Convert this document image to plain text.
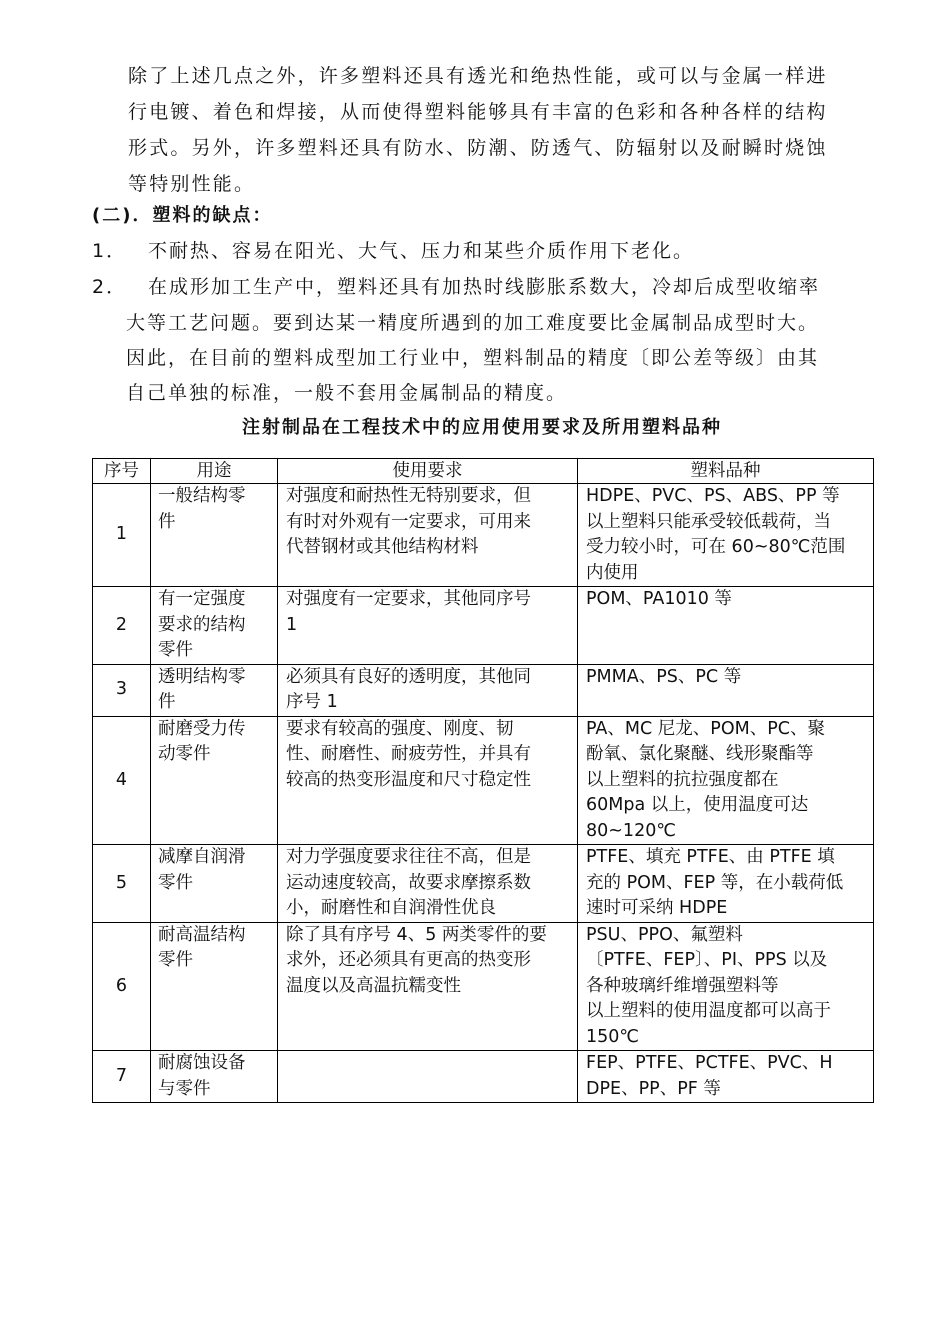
除了上述几点之外，许多塑料还具有透光和绝热性能，或可以与金属一样进
行电镀、着色和焊接，从而使得塑料能够具有丰富的色彩和各种各样的结构
形式。另外，许多塑料还具有防水、防潮、防透气、防辐射以及耐瞬时烧蚀
等特别性能。

(二)．塑料的缺点：

1． 不耐热、容易在阳光、大气、压力和某些介质作用下老化。

2． 在成形加工生产中，塑料还具有加热时线膨胀系数大，冷却后成型收缩率

大等工艺问题。要到达某一精度所遇到的加工难度要比金属制品成型时大。
因此，在目前的塑料成型加工行业中，塑料制品的精度〔即公差等级〕由其
自己单独的标准，一般不套用金属制品的精度。

注射制品在工程技术中的应用使用要求及所用塑料品种

序号	用途	使用要求	塑料品种
1	一般结构零
件	对强度和耐热性无特别要求，但
有时对外观有一定要求，可用来
代替钢材或其他结构材料	HDPE、PVC、PS、ABS、PP 等
以上塑料只能承受较低载荷，当
受力较小时，可在 60~80℃范围
内使用

2	有一定强度
要求的结构
零件	对强度有一定要求，其他同序号
1	POM、PA1010 等

3	透明结构零
件	必须具有良好的透明度，其他同
序号 1	PMMA、PS、PC 等

4	耐磨受力传
动零件	要求有较高的强度、刚度、韧
性、耐磨性、耐疲劳性，并具有
较高的热变形温度和尺寸稳定性	PA、MC 尼龙、POM、PC、聚
酚氧、氯化聚醚、线形聚酯等
以上塑料的抗拉强度都在
60Mpa 以上，使用温度可达
80~120℃

5	减摩自润滑
零件	对力学强度要求往往不高，但是
运动速度较高，故要求摩擦系数
小，耐磨性和自润滑性优良	PTFE、填充 PTFE、由 PTFE 填
充的 POM、FEP 等，在小载荷低
速时可采纳 HDPE

6	耐高温结构
零件	除了具有序号 4、5 两类零件的要
求外，还必须具有更高的热变形
温度以及高温抗糯变性	PSU、PPO、氟塑料
〔PTFE、FEP〕、PI、PPS 以及
各种玻璃纤维增强塑料等
以上塑料的使用温度都可以高于
150℃

7	耐腐蚀设备
与零件		FEP、PTFE、PCTFE、PVC、H
DPE、PP、PF 等
